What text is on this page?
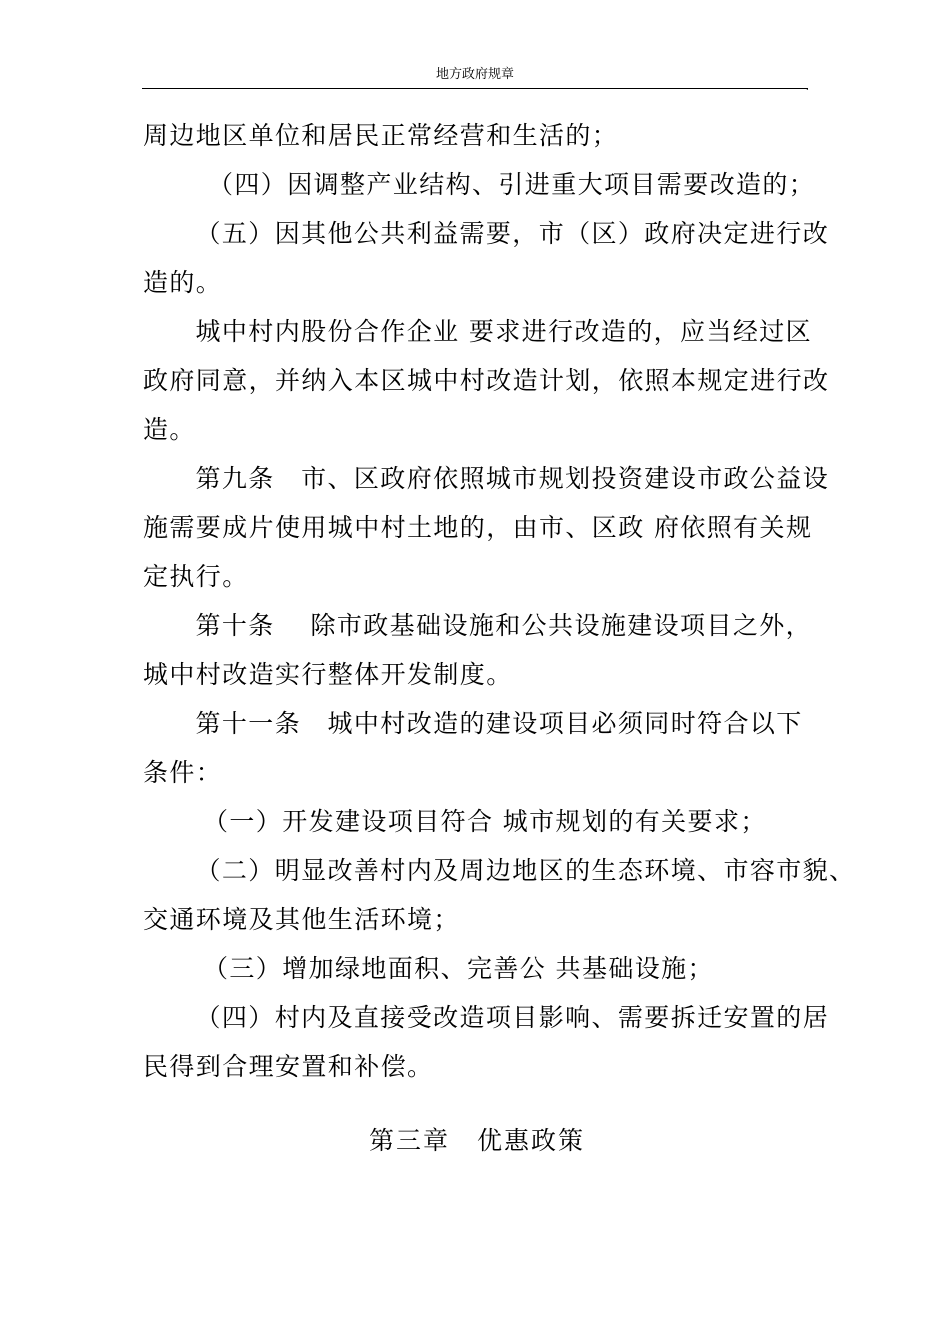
地方政府规章
.

周边地区单位和居民正常经营和生活的；

（四）因调整产业结构、引进重大项目需要改造的；

（五）因其他公共利益需要，市（区）政府决定进行改

造的。

城中村内股份合作企业 要求进行改造的，应当经过区

政府同意，并纳入本区城中村改造计划，依照本规定进行改

造。

第九条　市、区政府依照城市规划投资建设市政公益设

施需要成片使用城中村土地的，由市、区政 府依照有关规

定执行。

第十条　 除市政基础设施和公共设施建设项目之外，

城中村改造实行整体开发制度。

第十一条　城中村改造的建设项目必须同时符合以下

条件：

（一）开发建设项目符合 城市规划的有关要求；

（二）明显改善村内及周边地区的生态环境、市容市貌、

交通环境及其他生活环境；

（三）增加绿地面积、完善公 共基础设施；

（四）村内及直接受改造项目影响、需要拆迁安置的居

民得到合理安置和补偿。

第三章　优惠政策
